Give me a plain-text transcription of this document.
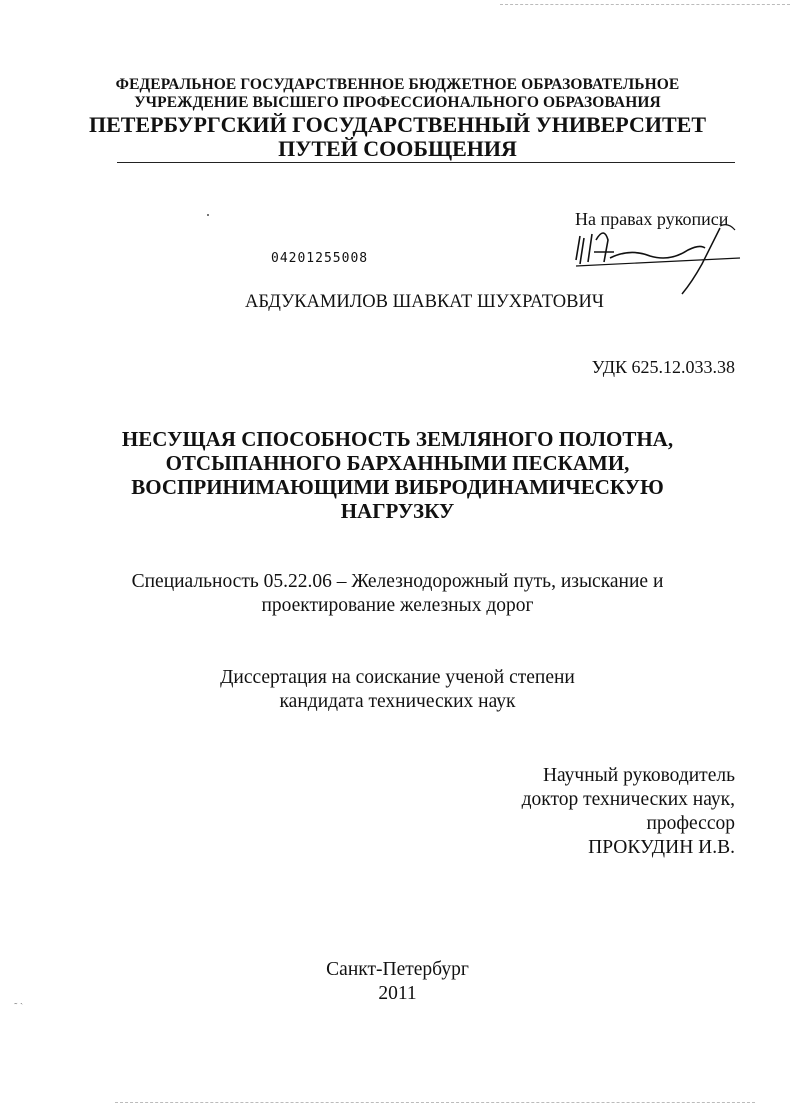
˷ ˏ
ФЕДЕРАЛЬНОЕ ГОСУДАРСТВЕННОЕ БЮДЖЕТНОЕ ОБРАЗОВАТЕЛЬНОЕ
УЧРЕЖДЕНИЕ ВЫСШЕГО ПРОФЕССИОНАЛЬНОГО ОБРАЗОВАНИЯ
ПЕТЕРБУРГСКИЙ ГОСУДАРСТВЕННЫЙ УНИВЕРСИТЕТ
ПУТЕЙ СООБЩЕНИЯ
На правах рукописи
04201255008
АБДУКАМИЛОВ ШАВКАТ ШУХРАТОВИЧ
УДК 625.12.033.38
НЕСУЩАЯ СПОСОБНОСТЬ ЗЕМЛЯНОГО ПОЛОТНА,
ОТСЫПАННОГО БАРХАННЫМИ ПЕСКАМИ,
ВОСПРИНИМАЮЩИМИ ВИБРОДИНАМИЧЕСКУЮ
НАГРУЗКУ
Специальность 05.22.06 – Железнодорожный путь, изыскание и
проектирование железных дорог
Диссертация на соискание ученой степени
кандидата технических наук
Научный руководитель
доктор технических наук,
профессор
ПРОКУДИН И.В.
Санкт-Петербург
2011
